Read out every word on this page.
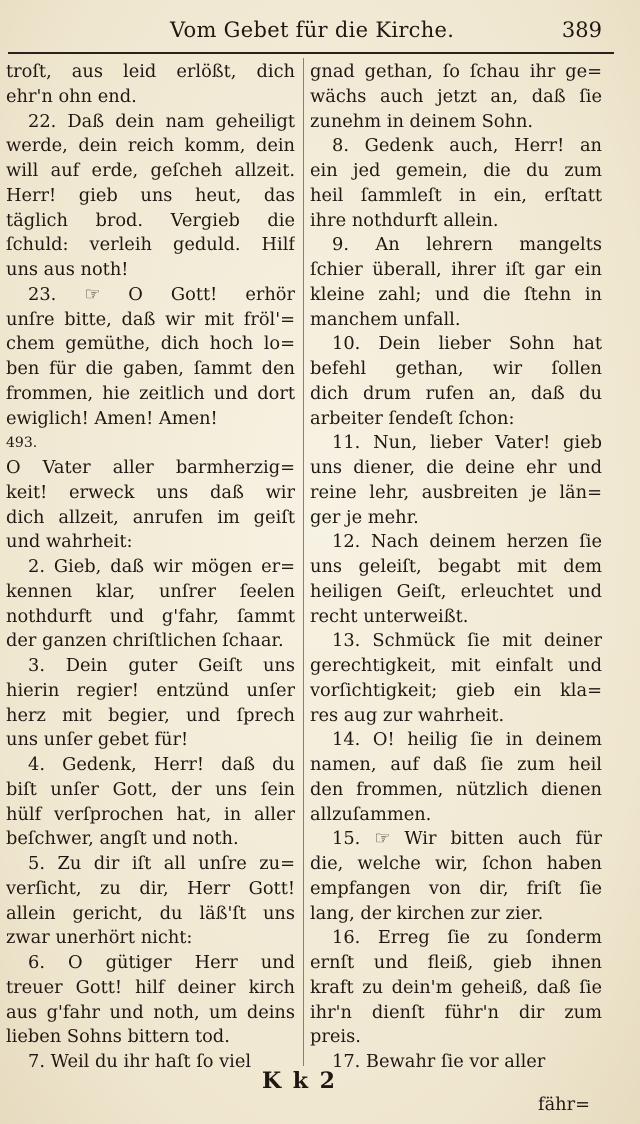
Vom Gebet für die Kirche.	389
troſt, aus leid erlößt, dich
ehr'n ohn end.
22. Daß dein nam geheiligt
werde, dein reich komm, dein
will auf erde, geſcheh allzeit.
Herr! gieb uns heut, das
täglich brod. Vergieb die
ſchuld: verleih geduld. Hilf
uns aus noth!
23. ☞ O Gott! erhör
unſre bitte, daß wir mit fröl'=
chem gemüthe, dich hoch lo=
ben für die gaben, ſammt den
frommen, hie zeitlich und dort
ewiglich! Amen! Amen!
493.
O Vater aller barmherzig=
keit! erweck uns daß wir
dich allzeit, anrufen im geiſt
und wahrheit:
2. Gieb, daß wir mögen er=
kennen klar, unſrer ſeelen
nothdurft und g'fahr, ſammt
der ganzen chriſtlichen ſchaar.
3. Dein guter Geiſt uns
hierin regier! entzünd unſer
herz mit begier, und ſprech
uns unſer gebet für!
4. Gedenk, Herr! daß du
biſt unſer Gott, der uns ſein
hülf verſprochen hat, in aller
beſchwer, angſt und noth.
5. Zu dir iſt all unſre zu=
verſicht, zu dir, Herr Gott!
allein gericht, du läß'ſt uns
zwar unerhört nicht:
6. O gütiger Herr und
treuer Gott! hilf deiner kirch
aus g'fahr und noth, um deins
lieben Sohns bittern tod.
7. Weil du ihr haſt ſo viel
gnad gethan, ſo ſchau ihr ge=
wächs auch jetzt an, daß ſie
zunehm in deinem Sohn.
8. Gedenk auch, Herr! an
ein jed gemein, die du zum
heil ſammleſt in ein, erſtatt
ihre nothdurft allein.
9. An lehrern mangelts
ſchier überall, ihrer iſt gar ein
kleine zahl; und die ſtehn in
manchem unfall.
10. Dein lieber Sohn hat
befehl gethan, wir ſollen
dich drum rufen an, daß du
arbeiter ſendeſt ſchon:
11. Nun, lieber Vater! gieb
uns diener, die deine ehr und
reine lehr, ausbreiten je län=
ger je mehr.
12. Nach deinem herzen ſie
uns geleiſt, begabt mit dem
heiligen Geiſt, erleuchtet und
recht unterweißt.
13. Schmück ſie mit deiner
gerechtigkeit, mit einfalt und
vorſichtigkeit; gieb ein kla=
res aug zur wahrheit.
14. O! heilig ſie in deinem
namen, auf daß ſie zum heil
den frommen, nützlich dienen
allzuſammen.
15. ☞ Wir bitten auch für
die, welche wir, ſchon haben
empfangen von dir, friſt ſie
lang, der kirchen zur zier.
16. Erreg ſie zu ſonderm
ernſt und fleiß, gieb ihnen
kraft zu dein'm geheiß, daß ſie
ihr'n dienſt führ'n dir zum
preis.
17. Bewahr ſie vor aller
K k 2
fähr=
